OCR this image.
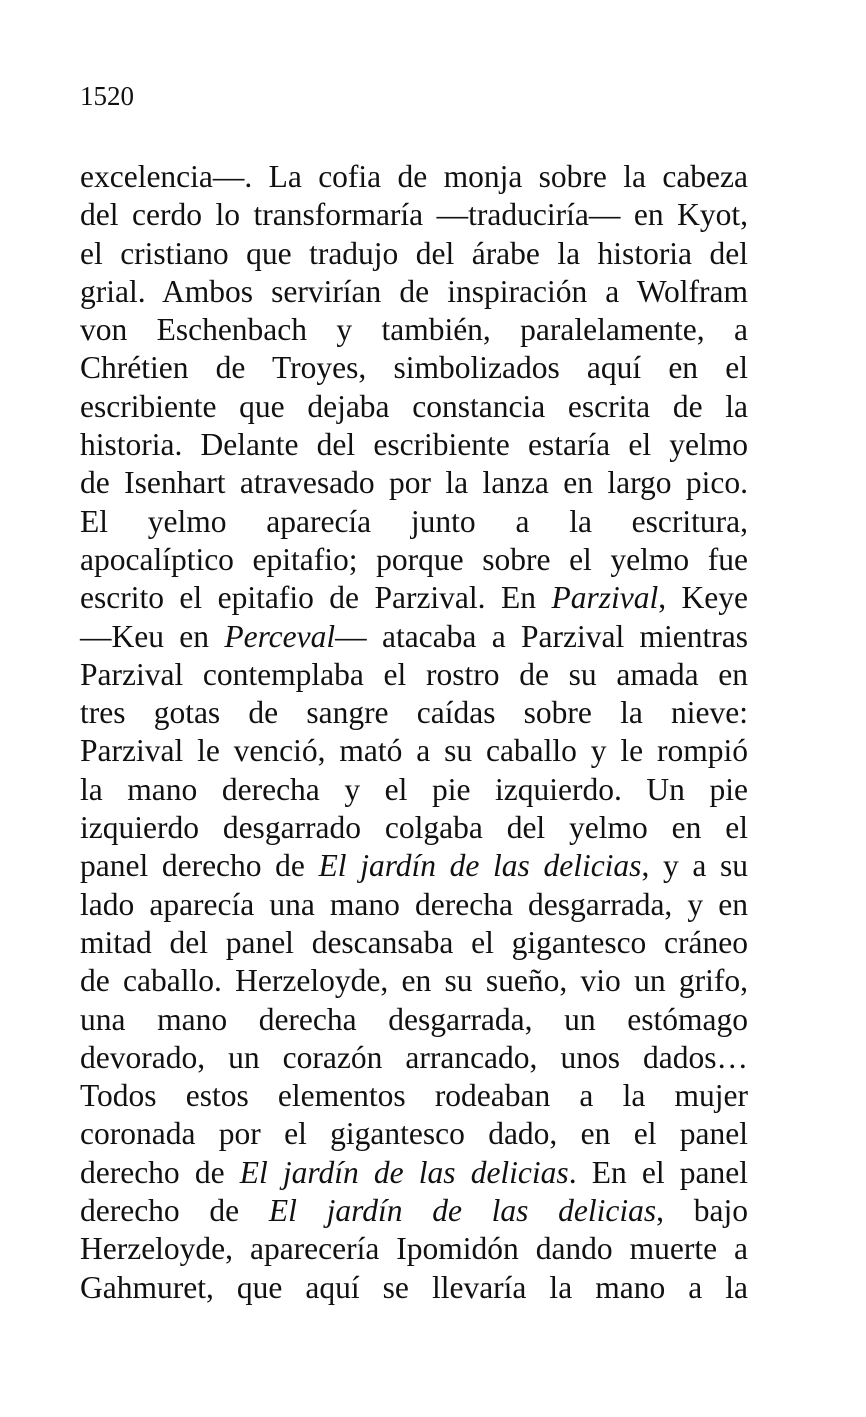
1520

excelencia—. La cofia de monja sobre la cabeza
del cerdo lo transformaría —traduciría— en Kyot,
el cristiano que tradujo del árabe la historia del
grial. Ambos servirían de inspiración a Wolfram
von Eschenbach y también, paralelamente, a
Chrétien de Troyes, simbolizados aquí en el
escribiente que dejaba constancia escrita de la
historia. Delante del escribiente estaría el yelmo
de Isenhart atravesado por la lanza en largo pico.
El yelmo aparecía junto a la escritura,
apocalíptico epitafio; porque sobre el yelmo fue
escrito el epitafio de Parzival. En Parzival, Keye
—Keu en Perceval— atacaba a Parzival mientras
Parzival contemplaba el rostro de su amada en
tres gotas de sangre caídas sobre la nieve:
Parzival le venció, mató a su caballo y le rompió
la mano derecha y el pie izquierdo. Un pie
izquierdo desgarrado colgaba del yelmo en el
panel derecho de El jardín de las delicias, y a su
lado aparecía una mano derecha desgarrada, y en
mitad del panel descansaba el gigantesco cráneo
de caballo. Herzeloyde, en su sueño, vio un grifo,
una mano derecha desgarrada, un estómago
devorado, un corazón arrancado, unos dados…
Todos estos elementos rodeaban a la mujer
coronada por el gigantesco dado, en el panel
derecho de El jardín de las delicias. En el panel
derecho de El jardín de las delicias, bajo
Herzeloyde, aparecería Ipomidón dando muerte a
Gahmuret, que aquí se llevaría la mano a la
